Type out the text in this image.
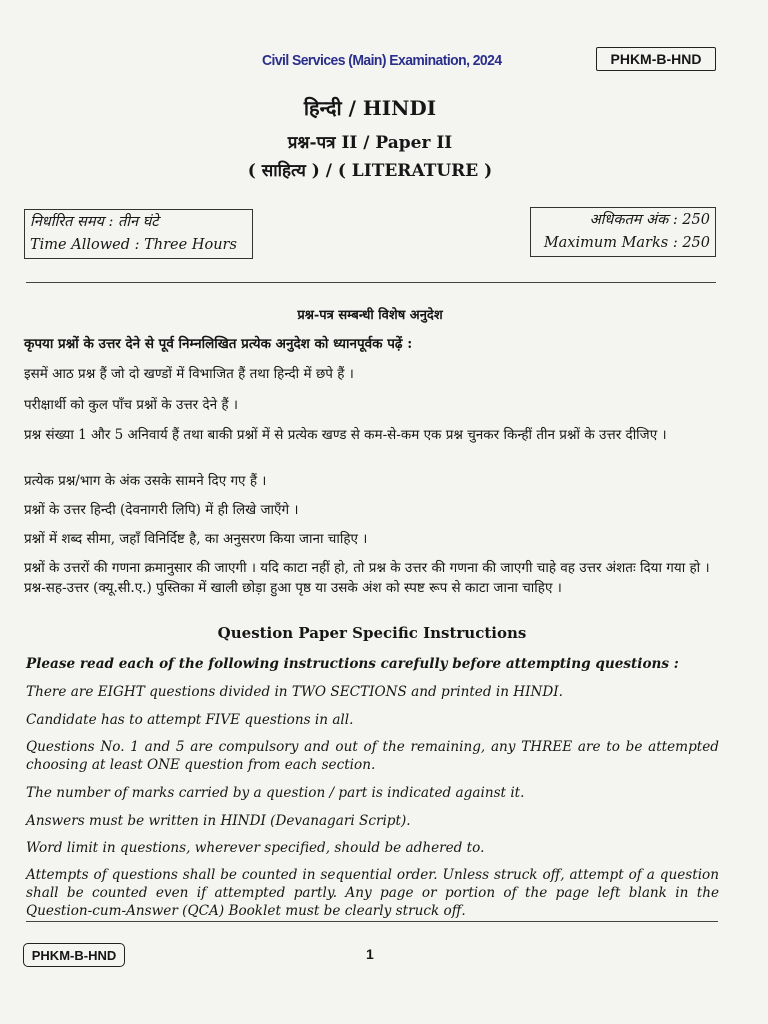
Civil Services (Main) Examination, 2024	PHKM-B-HND
हिन्दी / HINDI
प्रश्न-पत्र II / Paper II
( साहित्य ) / ( LITERATURE )
निर्धारित समय : तीन घंटे
Time Allowed : Three Hours
अधिकतम अंक : 250
Maximum Marks : 250
प्रश्न-पत्र सम्बन्धी विशेष अनुदेश
कृपया प्रश्नों के उत्तर देने से पूर्व निम्नलिखित प्रत्येक अनुदेश को ध्यानपूर्वक पढ़ें :
इसमें आठ प्रश्न हैं जो दो खण्डों में विभाजित हैं तथा हिन्दी में छपे हैं ।
परीक्षार्थी को कुल पाँच प्रश्नों के उत्तर देने हैं ।
प्रश्न संख्या 1 और 5 अनिवार्य हैं तथा बाकी प्रश्नों में से प्रत्येक खण्ड से कम-से-कम एक प्रश्न चुनकर किन्हीं तीन प्रश्नों के उत्तर दीजिए ।
प्रत्येक प्रश्न/भाग के अंक उसके सामने दिए गए हैं ।
प्रश्नों के उत्तर हिन्दी (देवनागरी लिपि) में ही लिखे जाएँगे ।
प्रश्नों में शब्द सीमा, जहाँ विनिर्दिष्ट है, का अनुसरण किया जाना चाहिए ।
प्रश्नों के उत्तरों की गणना क्रमानुसार की जाएगी । यदि काटा नहीं हो, तो प्रश्न के उत्तर की गणना की जाएगी चाहे वह उत्तर अंशतः दिया गया हो । प्रश्न-सह-उत्तर (क्यू.सी.ए.) पुस्तिका में खाली छोड़ा हुआ पृष्ठ या उसके अंश को स्पष्ट रूप से काटा जाना चाहिए ।
Question Paper Specific Instructions
Please read each of the following instructions carefully before attempting questions :
There are EIGHT questions divided in TWO SECTIONS and printed in HINDI.
Candidate has to attempt FIVE questions in all.
Questions No. 1 and 5 are compulsory and out of the remaining, any THREE are to be attempted choosing at least ONE question from each section.
The number of marks carried by a question / part is indicated against it.
Answers must be written in HINDI (Devanagari Script).
Word limit in questions, wherever specified, should be adhered to.
Attempts of questions shall be counted in sequential order. Unless struck off, attempt of a question shall be counted even if attempted partly. Any page or portion of the page left blank in the Question-cum-Answer (QCA) Booklet must be clearly struck off.
PHKM-B-HND	1
